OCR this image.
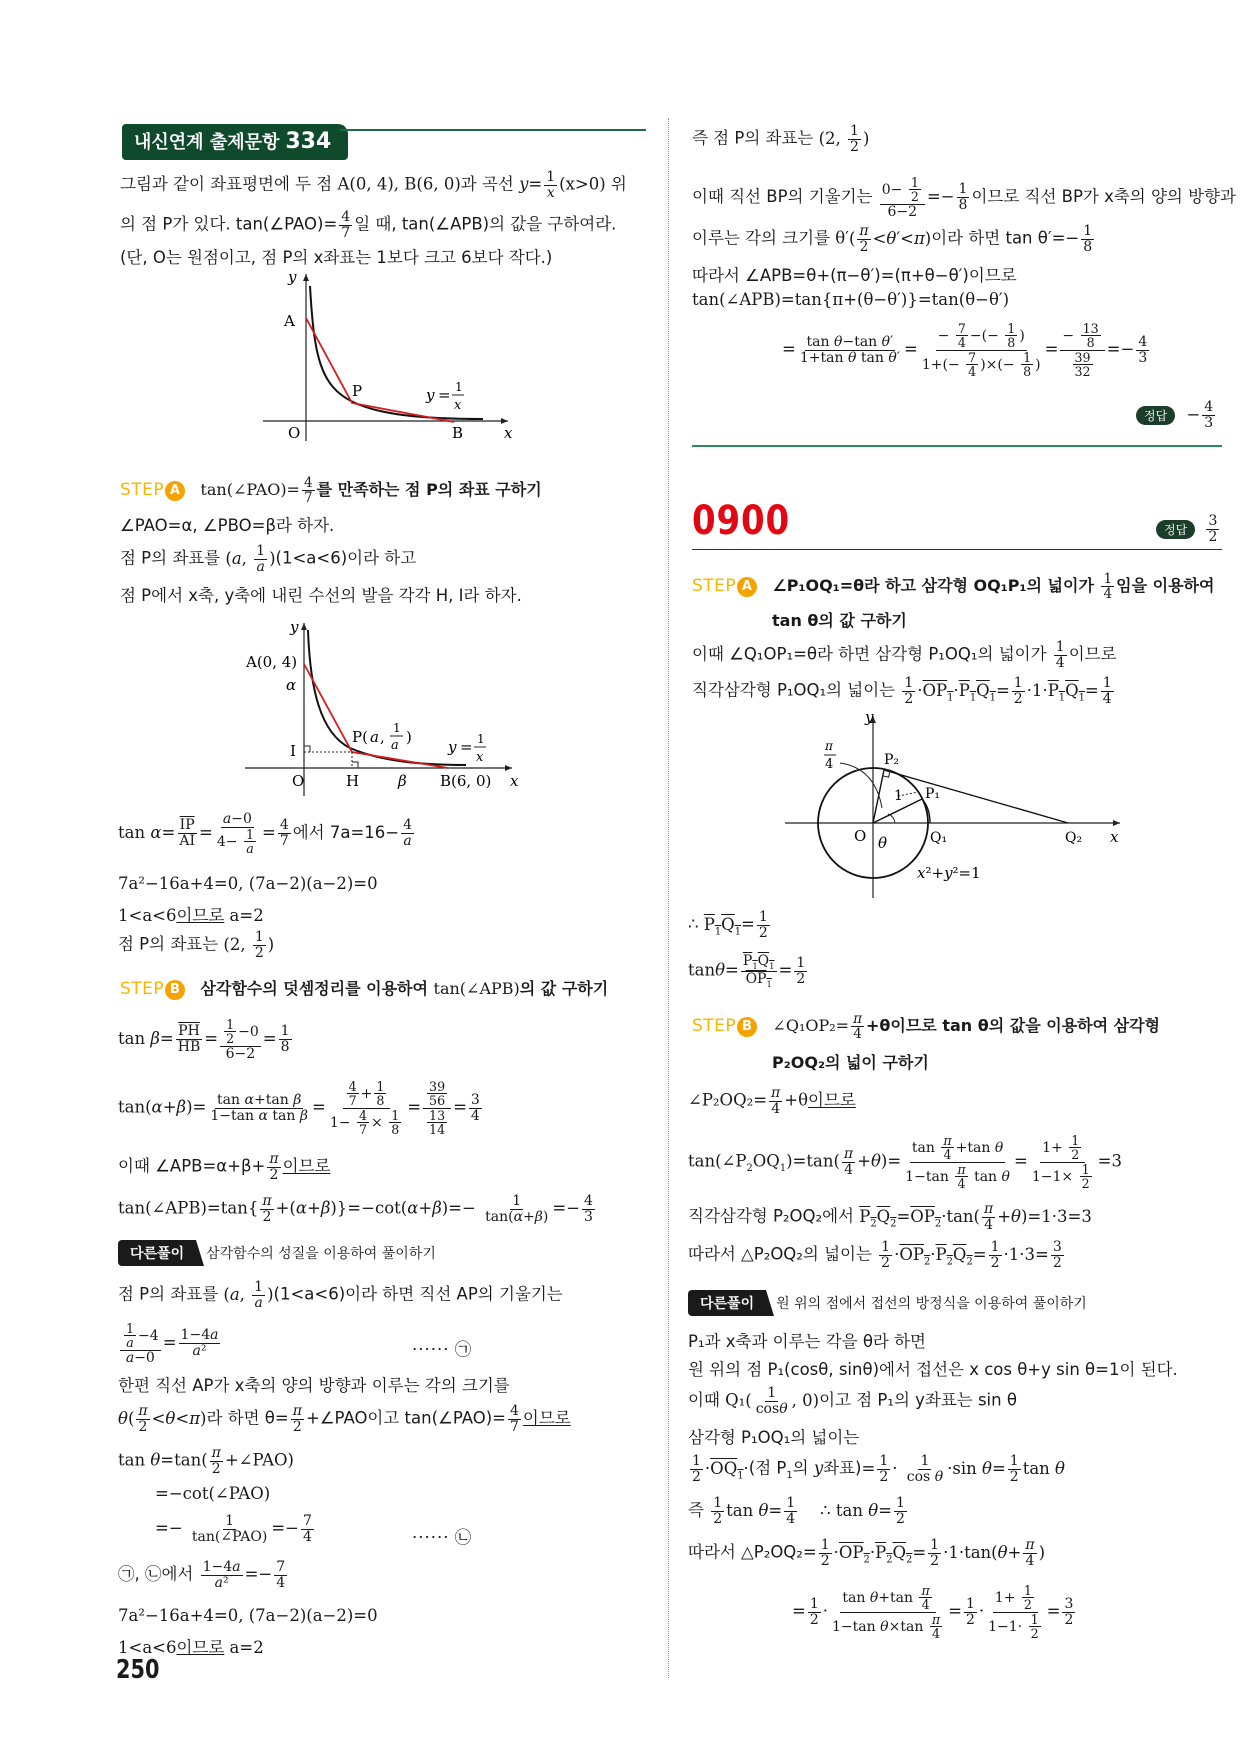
내신연계 출제문항 334
그림과 같이 좌표평면에 두 점 A(0, 4), B(6, 0)과 곡선 $y= \frac{1}{x} (x>0)$ 위
의 점 P가 있다. tan(∠PAO)= $\frac{4}{7}$ 일 때, tan(∠APB)의 값을 구하여라.
(단, O는 원점이고, 점 P의 x좌표는 1보다 크고 6보다 작다.)
y
A
P
O	B	x
y = 1
x
STEP A tan(∠PAO)= $\frac{4}{7}$ 를 만족하는 점 P의 좌표 구하기
∠PAO=α, ∠PBO=β라 하자.
점 P의 좌표를 (a, $\frac{1}{a} )(1<a<6)$이라 하고
점 P에서 x축, y축에 내린 수선의 발을 각각 H, I라 하자.
y
A(0, 4)
α
P( a , 1
a )
I
O	H	β B(6, 0) x
y = 1
x
$\tan \alpha= \frac{\overline{IP}}{AI} = \frac{a-0}{4- \frac{1}{a}} = \frac{4}{7}$ 에서 $7a=16- \frac{4}{a}$
7a²−16a+4=0, (7a−2)(a−2)=0
1<a<6이므로 a=2
점 P의 좌표는 (2, $\frac{1}{2}$ )
STEP B 삼각함수의 덧셈정리를 이용하여 tan(∠APB)의 값 구하기
$\tan \beta= \frac{\overline{PH}}{HB} = \frac{\frac{1}{2} -0}{6-2} = \frac{1}{8}$
$\tan(\alpha+\beta)= \frac{\text{tan α+tan β}}{\text{1−tan α tan β}} = \frac{\frac{4}{7} + \frac{1}{8}}{1- \frac{4}{7} \times \frac{1}{8}} = \frac{\frac{39}{56}}{\frac{13}{14}} = \frac{3}{4}$
이때 ∠APB=α+β+ $\frac{\pi}{2}$ 이므로
tan(∠APB)=tan{ $\frac{\pi}{2} +(\alpha+\beta)\}=-\cot(\alpha+\beta)=- \frac{1}{\tan(\alpha+\beta)} =- \frac{4}{3}$
다른풀이 삼각함수의 성질을 이용하여 풀이하기
점 P의 좌표를 (a, $\frac{1}{a} )(1<a<6)$이라 하면 직선 AP의 기울기는
$\frac{\frac{1}{a} -4}{a-0} = \frac{1-4a}{\text{a²}}$	······ ㉠
한편 직선 AP가 x축의 양의 방향과 이루는 각의 크기를
$\theta( \frac{\pi}{2} <\theta<\pi)$라 하면 $\theta= \frac{\pi}{2}$ +∠PAO이고 tan(∠PAO)= $\frac{4}{7}$ 이므로
$\tan \theta=\tan( \frac{\pi}{2}$ +∠PAO)
=−cot(∠PAO)
=− $\frac{1}{\text{tan(∠PAO)}} =- \frac{7}{4}$	······ ㉡
㉠, ㉡에서 $\frac{1-4a}{\text{a²}} =- \frac{7}{4}$
7a²−16a+4=0, (7a−2)(a−2)=0
1<a<6이므로 a=2
250
즉 점 P의 좌표는 (2, $\frac{1}{2}$ )
이때 직선 BP의 기울기는 $\frac{0- \frac{1}{2}}{6-2} =- \frac{1}{8}$ 이므로 직선 BP가 x축의 양의 방향과
이루는 각의 크기를 $\theta'( \frac{\pi}{2} <\theta'<\pi)$이라 하면 $\tan \theta'=- \frac{1}{8}$
따라서 ∠APB=θ+(π−θ′)=(π+θ−θ′)이므로
tan(∠APB)=tan{π+(θ−θ′)}=tan(θ−θ′)
= $\frac{\text{tan θ−tan θ′}}{\text{1+tan θ tan θ′}} = \frac{- \frac{7}{4} -(- \frac{1}{8} )}{1+(- \frac{7}{4} )\times(- \frac{1}{8} )} = \frac{- \frac{13}{8}}{\frac{39}{32}} =- \frac{4}{3}$
정답 − $\frac{4}{3}$
0900	정답 $\frac{3}{2}$
STEP A ∠P₁OQ₁=θ라 하고 삼각형 OQ₁P₁의 넓이가 $\frac{1}{4}$ 임을 이용하여
tan θ의 값 구하기
이때 ∠Q₁OP₁=θ라 하면 삼각형 P₁OQ₁의 넓이가 $\frac{1}{4}$ 이므로
직각삼각형 P₁OQ₁의 넓이는 $\frac{1}{2} \cdot OP_1\cdot P_1Q_1= \frac{1}{2} \cdot 1\cdot P_1Q_1= \frac{1}{4}$
y
π
4	P₂
1 P₁
O θ	Q₁	Q₂ x
x²+y²=1
∴ $P_1Q_1= \frac{1}{2}$
$\tan\theta= \frac{P_1Q_1}{OP_1} = \frac{1}{2}$
STEP B ∠Q₁OP₂= $\frac{\pi}{4} +\theta$이므로 tan θ의 값을 이용하여 삼각형
P₂OQ₂의 넓이 구하기
∠P₂OQ₂= $\frac{\pi}{4} +\theta$이므로
$\tan(\angle P_2OQ_1)=\tan( \frac{\pi}{4} +\theta)= \frac{\tan \frac{\pi}{4} +\tan \theta}{1-\tan \frac{\pi}{4} \tan \theta} = \frac{1+ \frac{1}{2}}{1-1\times \frac{1}{2}} =3$
직각삼각형 P₂OQ₂에서 $P_2Q_2=OP_2\cdot\tan( \frac{\pi}{4} +\theta)=1\cdot 3=3$
따라서 △P₂OQ₂의 넓이는 $\frac{1}{2} \cdot OP_2\cdot P_2Q_2= \frac{1}{2} \cdot 1\cdot 3= \frac{3}{2}$
다른풀이 원 위의 점에서 접선의 방정식을 이용하여 풀이하기
P₁과 x축과 이루는 각을 θ라 하면
원 위의 점 P₁(cosθ, sinθ)에서 접선은 x cos θ+y sin θ=1이 된다.
이때 $Q_1( \frac{1}{\cos\theta}$ , 0)이고 점 P₁의 y좌표는 sin θ
삼각형 P₁OQ₁의 넓이는
$\frac{1}{2} \cdot OQ_1\cdot$(점 $P_1$의 y좌표)= $\frac{1}{2} \cdot \frac{1}{\text{cos θ}} \cdot\sin$ $\theta= \frac{1}{2}$ tan θ
즉 $\frac{1}{2}$ $\tan \theta= \frac{1}{4}$ ∴ $\tan \theta= \frac{1}{2}$
따라서 △P₂OQ₂= $\frac{1}{2} \cdot OP_2\cdot P_2Q_2= \frac{1}{2} \cdot 1\cdot\tan(\theta+ \frac{\pi}{4}$ )
= $\frac{1}{2} \cdot \frac{\tan \theta+\tan \frac{\pi}{4}}{1-\tan \theta\times\tan \frac{\pi}{4}} = \frac{1}{2} \cdot \frac{1+ \frac{1}{2}}{1-1\cdot \frac{1}{2}} = \frac{3}{2}$
